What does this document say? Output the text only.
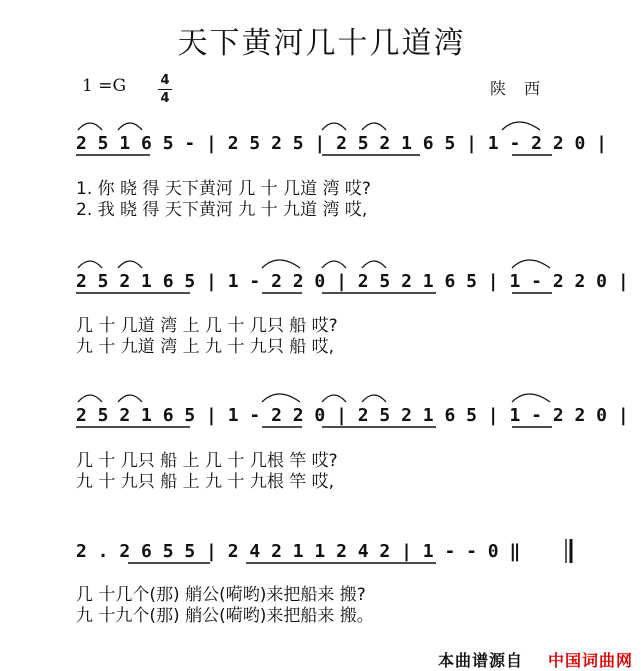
天下黄河几十几道湾
1 =G	4
4
陕西
2 5 1 6 5 - | 2 5 2 5 | 2 5 2 1 6 5 | 1 - 2 2 0 |
1. 你 晓 得 天下黄河 几 十 几道 湾 哎?
2. 我 晓 得 天下黄河 九 十 九道 湾 哎,
2 5 2 1 6 5 | 1 - 2 2 0 | 2 5 2 1 6 5 | 1 - 2 2 0 |
几 十 几道 湾 上 几 十 几只 船 哎?
九 十 九道 湾 上 九 十 九只 船 哎,
2 5 2 1 6 5 | 1 - 2 2 0 | 2 5 2 1 6 5 | 1 - 2 2 0 |
几 十 几只 船 上 几 十 几根 竿 哎?
九 十 九只 船 上 九 十 九根 竿 哎,
2 . 2 6 5 5 | 2 4 2 1 1 2 4 2 | 1 - - 0 ‖
几 十几个(那) 艄公(嗬哟)来把船来 搬?
九 十九个(那) 艄公(嗬哟)来把船来 搬。
本曲谱源自 中国词曲网
